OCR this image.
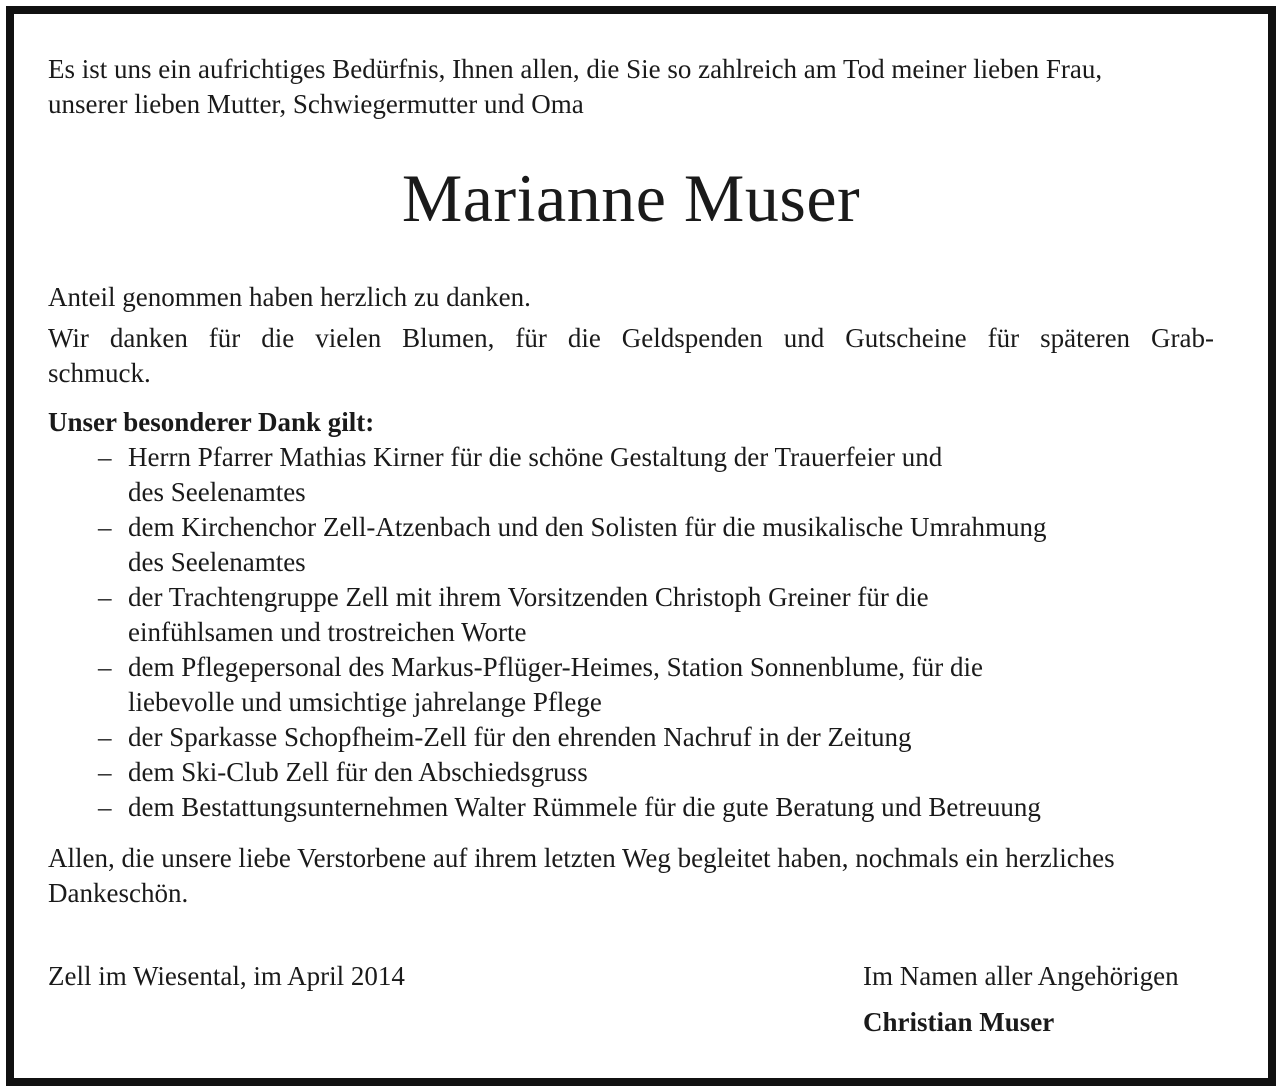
Es ist uns ein aufrichtiges Bedürfnis, Ihnen allen, die Sie so zahlreich am Tod meiner lieben Frau,

unserer lieben Mutter, Schwiegermutter und Oma

Marianne Muser

Anteil genommen haben herzlich zu danken.

Wir danken für die vielen Blumen, für die Geldspenden und Gutscheine für späteren Grab-
schmuck.

Unser besonderer Dank gilt:

– Herrn Pfarrer Mathias Kirner für die schöne Gestaltung der Trauerfeier und
des Seelenamtes
– dem Kirchenchor Zell-Atzenbach und den Solisten für die musikalische Umrahmung
des Seelenamtes
– der Trachtengruppe Zell mit ihrem Vorsitzenden Christoph Greiner für die
einfühlsamen und trostreichen Worte
– dem Pflegepersonal des Markus-Pflüger-Heimes, Station Sonnenblume, für die
liebevolle und umsichtige jahrelange Pflege
– der Sparkasse Schopfheim-Zell für den ehrenden Nachruf in der Zeitung
– dem Ski-Club Zell für den Abschiedsgruss
– dem Bestattungsunternehmen Walter Rümmele für die gute Beratung und Betreuung

Allen, die unsere liebe Verstorbene auf ihrem letzten Weg begleitet haben, nochmals ein herzliches

Dankeschön.

Zell im Wiesental, im April 2014	Im Namen aller Angehörigen
Christian Muser
